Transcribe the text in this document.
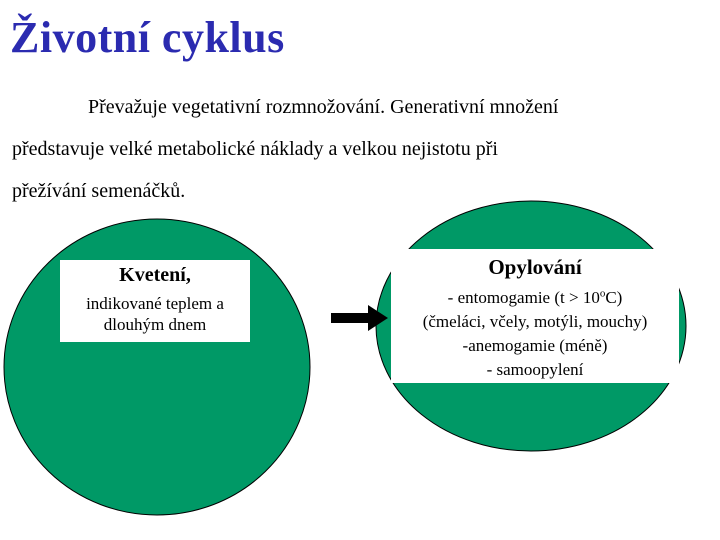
Životní cyklus
Převažuje vegetativní rozmnožování. Generativní množení
představuje velké metabolické náklady a velkou nejistotu při
přežívání semenáčků.
Kvetení,
indikované teplem a
dlouhým dnem
Opylování
- entomogamie $(t > 10^oC)$
(čmeláci, včely, motýli, mouchy)
-anemogamie (méně)
- samoopylení
